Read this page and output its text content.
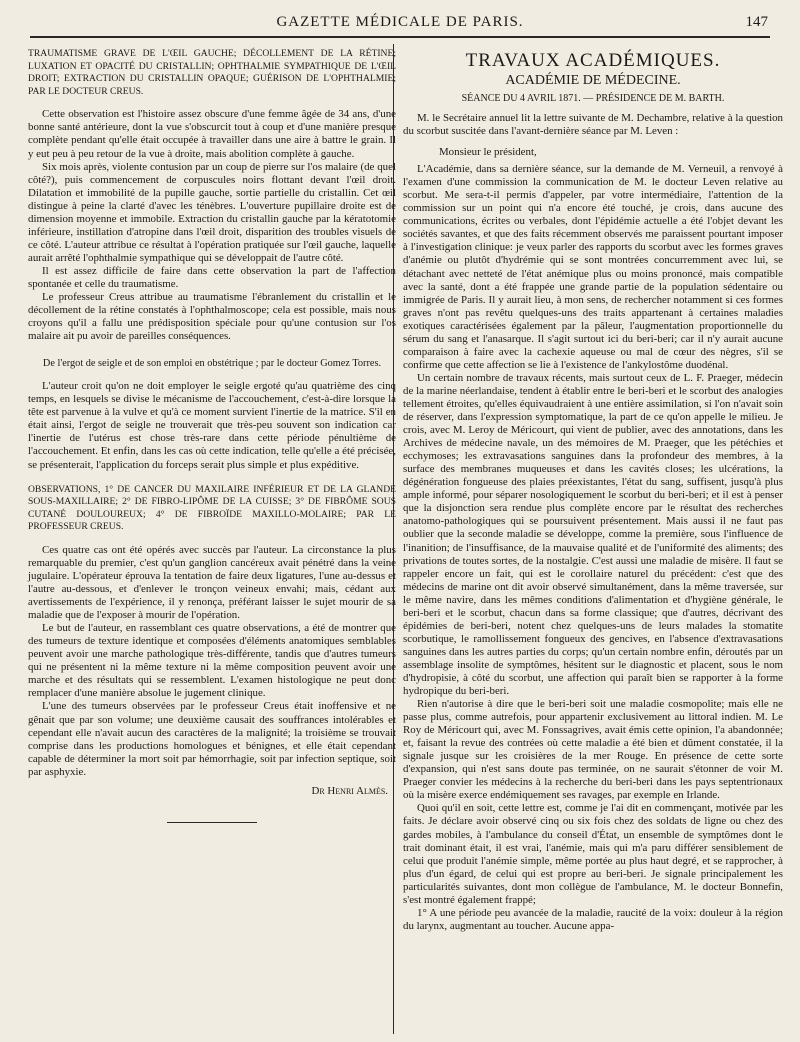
GAZETTE MÉDICALE DE PARIS.	147

TRAUMATISME GRAVE DE L'ŒIL GAUCHE; DÉCOLLEMENT DE LA RÉTINE; LUXATION ET OPACITÉ DU CRISTALLIN; OPHTHALMIE SYMPATHIQUE DE L'ŒIL DROIT; EXTRACTION DU CRISTALLIN OPAQUE; GUÉRISON DE L'OPHTHALMIE; PAR LE DOCTEUR CREUS.

Cette observation est l'histoire assez obscure d'une femme âgée de 34 ans, d'une bonne santé antérieure, dont la vue s'obscurcit tout à coup et d'une manière presque complète pendant qu'elle était occupée à travailler dans une aire à battre le grain. Il y eut peu à peu retour de la vue à droite, mais abolition complète à gauche.

Six mois après, violente contusion par un coup de pierre sur l'os malaire (de quel côté?), puis commencement de corpuscules noirs flottant devant l'œil droit. Dilatation et immobilité de la pupille gauche, sortie partielle du cristallin. Cet œil distingue à peine la clarté d'avec les ténèbres. L'ouverture pupillaire droite est de dimension moyenne et immobile. Extraction du cristallin gauche par la kératotomie inférieure, instillation d'atropine dans l'œil droit, disparition des troubles visuels de ce côté. L'auteur attribue ce résultat à l'opération pratiquée sur l'œil gauche, laquelle aurait arrêté l'ophthalmie sympathique qui se développait de l'autre côté.

Il est assez difficile de faire dans cette observation la part de l'affection spontanée et celle du traumatisme.

Le professeur Creus attribue au traumatisme l'ébranlement du cristallin et le décollement de la rétine constatés à l'ophthalmoscope; cela est possible, mais nous croyons qu'il a fallu une prédisposition spéciale pour qu'une contusion sur l'os malaire ait pu avoir de pareilles conséquences.

De l'ergot de seigle et de son emploi en obstétrique ; par le docteur Gomez Torres.

L'auteur croit qu'on ne doit employer le seigle ergoté qu'au quatrième des cinq temps, en lesquels se divise le mécanisme de l'accouchement, c'est-à-dire lorsque la tête est parvenue à la vulve et qu'à ce moment survient l'inertie de la matrice. S'il en était ainsi, l'ergot de seigle ne trouverait que très-peu souvent son indication car l'inertie de l'utérus est chose très-rare dans cette période pénultième de l'accouchement. Et enfin, dans les cas où cette indication, telle qu'elle a été précisée, se présenterait, l'application du forceps serait plus simple et plus expéditive.

OBSERVATIONS, 1° DE CANCER DU MAXILAIRE INFÉRIEUR ET DE LA GLANDE SOUS-MAXILLAIRE; 2° DE FIBRO-LIPÔME DE LA CUISSE; 3° DE FIBRÔME SOUS CUTANÉ DOULOUREUX; 4° DE FIBROÏDE MAXILLO-MOLAIRE; PAR LE PROFESSEUR CREUS.

Ces quatre cas ont été opérés avec succès par l'auteur. La circonstance la plus remarquable du premier, c'est qu'un ganglion cancéreux avait pénétré dans la veine jugulaire. L'opérateur éprouva la tentation de faire deux ligatures, l'une au-dessus et l'autre au-dessous, et d'enlever le tronçon veineux envahi; mais, cédant aux avertissements de l'expérience, il y renonça, préférant laisser le sujet mourir de sa maladie que de l'exposer à mourir de l'opération.

Le but de l'auteur, en rassemblant ces quatre observations, a été de montrer que des tumeurs de texture identique et composées d'éléments anatomiques semblables peuvent avoir une marche pathologique très-différente, tandis que d'autres tumeurs qui ne présentent ni la même texture ni la même composition peuvent avoir une marche et des résultats qui se ressemblent. L'examen histologique ne peut donc remplacer d'une manière absolue le jugement clinique.

L'une des tumeurs observées par le professeur Creus était inoffensive et ne gênait que par son volume; une deuxième causait des souffrances intolérables et cependant elle n'avait aucun des caractères de la malignité; la troisième se trouvait comprise dans les productions homologues et bénignes, et elle était cependant capable de déterminer la mort soit par hémorrhagie, soit par infection septique, soit par asphyxie.

Dr Henri Almès.

TRAVAUX ACADÉMIQUES.

ACADÉMIE DE MÉDECINE.

SÉANCE DU 4 AVRIL 1871. — PRÉSIDENCE DE M. BARTH.

M. le Secrétaire annuel lit la lettre suivante de M. Dechambre, relative à la question du scorbut suscitée dans l'avant-dernière séance par M. Leven :

Monsieur le président,

L'Académie, dans sa dernière séance, sur la demande de M. Verneuil, a renvoyé à l'examen d'une commission la communication de M. le docteur Leven relative au scorbut. Me sera-t-il permis d'appeler, par votre intermédiaire, l'attention de la commission sur un point qui n'a encore été touché, je crois, dans aucune des communications, écrites ou verbales, dont l'épidémie actuelle a été l'objet devant les sociétés savantes, et que des faits récemment observés me paraissent pourtant imposer à l'investigation clinique: je veux parler des rapports du scorbut avec les formes graves d'anémie ou plutôt d'hydrémie qui se sont montrées concurremment avec lui, se détachant avec netteté de l'état anémique plus ou moins prononcé, mais compatible avec la santé, dont a été frappée une grande partie de la population sédentaire ou immigrée de Paris. Il y aurait lieu, à mon sens, de rechercher notamment si ces formes graves n'ont pas revêtu quelques-uns des traits appartenant à certaines maladies exotiques caractérisées également par la pâleur, l'augmentation proportionnelle du sérum du sang et l'anasarque. Il s'agit surtout ici du beri-beri; car il n'y aurait aucune comparaison à faire avec la cachexie aqueuse ou mal de cœur des nègres, s'il se confirme que cette affection se lie à l'existence de l'ankylostôme duodénal.

Un certain nombre de travaux récents, mais surtout ceux de L. F. Praeger, médecin de la marine néerlandaise, tendent à établir entre le beri-beri et le scorbut des analogies tellement étroites, qu'elles équivaudraient à une entière assimilation, si l'on n'avait soin de réserver, dans l'expression symptomatique, la part de ce qu'on appelle le milieu. Je crois, avec M. Leroy de Méricourt, qui vient de publier, avec des annotations, dans les Archives de médecine navale, un des mémoires de M. Praeger, que les pétéchies et ecchymoses; les extravasations sanguines dans la profondeur des membres, à la surface des membranes muqueuses et dans les cavités closes; les ulcérations, la dégénération fongueuse des plaies préexistantes, l'état du sang, suffisent, jusqu'à plus ample informé, pour séparer nosologiquement le scorbut du beri-beri; et il est à penser que la disjonction sera rendue plus complète encore par le résultat des recherches anatomo-pathologiques qui se poursuivent présentement. Mais aussi il ne faut pas oublier que la seconde maladie se développe, comme la première, sous l'influence de l'inanition; de l'insuffisance, de la mauvaise qualité et de l'uniformité des aliments; des privations de toutes sortes, de la nostalgie. C'est aussi une maladie de misère. Il faut se rappeler encore un fait, qui est le corollaire naturel du précédent: c'est que des médecins de marine ont dit avoir observé simultanément, dans la même traversée, sur le même navire, dans les mêmes conditions d'alimentation et d'hygiène générale, le beri-beri et le scorbut, chacun dans sa forme classique; que d'autres, décrivant des épidémies de beri-beri, notent chez quelques-uns de leurs malades la stomatite scorbutique, le ramollissement fongueux des gencives, en l'absence d'extravasations sanguines dans les autres parties du corps; qu'un certain nombre enfin, déroutés par un assemblage insolite de symptômes, hésitent sur le diagnostic et placent, sous le nom d'hydropisie, à côté du scorbut, une affection qui paraît bien se rapporter à la forme hydropique du beri-beri.

Rien n'autorise à dire que le beri-beri soit une maladie cosmopolite; mais elle ne passe plus, comme autrefois, pour appartenir exclusivement au littoral indien. M. Le Roy de Méricourt qui, avec M. Fonssagrives, avait émis cette opinion, l'a abandonnée; et, faisant la revue des contrées où cette maladie a été bien et dûment constatée, il la signale jusque sur les croisières de la mer Rouge. En présence de cette sorte d'expansion, qui n'est sans doute pas terminée, on ne saurait s'étonner de voir M. Praeger convier les médecins à la recherche du beri-beri dans les pays septentrionaux où la misère exerce endémiquement ses ravages, par exemple en Irlande.

Quoi qu'il en soit, cette lettre est, comme je l'ai dit en commençant, motivée par les faits. Je déclare avoir observé cinq ou six fois chez des soldats de ligne ou chez des gardes mobiles, à l'ambulance du conseil d'État, un ensemble de symptômes dont le trait dominant était, il est vrai, l'anémie, mais qui m'a paru différer sensiblement de celui que produit l'anémie simple, même portée au plus haut degré, et se rapprocher, à plus d'un égard, de celui qui est propre au beri-beri. Je signale principalement les particularités suivantes, dont mon collègue de l'ambulance, M. le docteur Bonnefin, s'est montré également frappé;

1° A une période peu avancée de la maladie, raucité de la voix: douleur à la région du larynx, augmentant au toucher. Aucune appa-
